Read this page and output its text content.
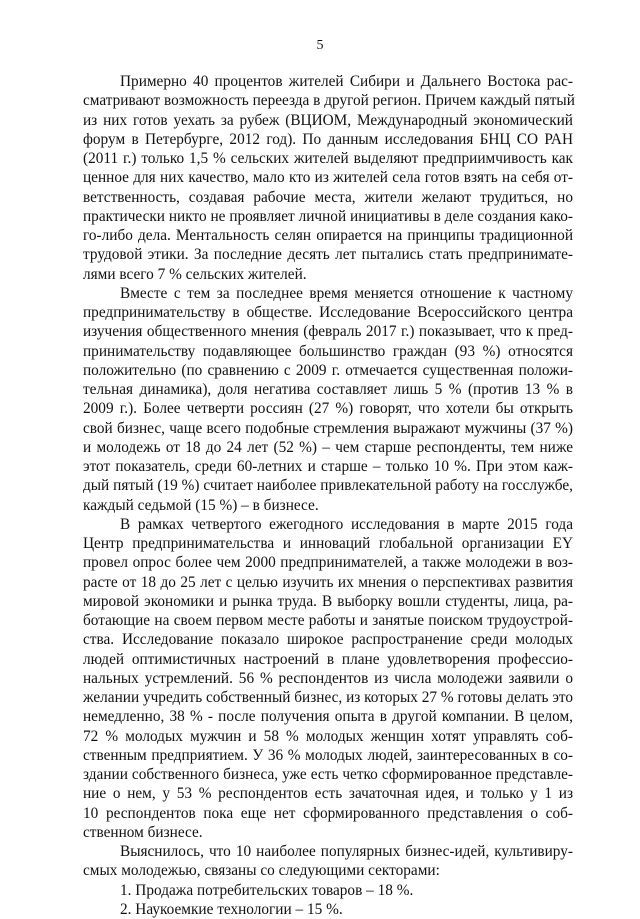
5
Примерно 40 процентов жителей Сибири и Дальнего Востока рас-
сматривают возможность переезда в другой регион. Причем каждый пятый
из них готов уехать за рубеж (ВЦИОМ, Международный экономический
форум в Петербурге, 2012 год). По данным исследования БНЦ СО РАН
(2011 г.) только 1,5 % сельских жителей выделяют предприимчивость как
ценное для них качество, мало кто из жителей села готов взять на себя от-
ветственность, создавая рабочие места, жители желают трудиться, но
практически никто не проявляет личной инициативы в деле создания како-
го-либо дела. Ментальность селян опирается на принципы традиционной
трудовой этики. За последние десять лет пытались стать предпринимате-
лями всего 7 % сельских жителей.
Вместе с тем за последнее время меняется отношение к частному
предпринимательству в обществе. Исследование Всероссийского центра
изучения общественного мнения (февраль 2017 г.) показывает, что к пред-
принимательству подавляющее большинство граждан (93 %) относятся
положительно (по сравнению с 2009 г. отмечается существенная положи-
тельная динамика), доля негатива составляет лишь 5 % (против 13 % в
2009 г.). Более четверти россиян (27 %) говорят, что хотели бы открыть
свой бизнес, чаще всего подобные стремления выражают мужчины (37 %)
и молодежь от 18 до 24 лет (52 %) – чем старше респонденты, тем ниже
этот показатель, среди 60-летних и старше – только 10 %. При этом каж-
дый пятый (19 %) считает наиболее привлекательной работу на госслужбе,
каждый седьмой (15 %) – в бизнесе.
В рамках четвертого ежегодного исследования в марте 2015 года
Центр предпринимательства и инноваций глобальной организации EY
провел опрос более чем 2000 предпринимателей, а также молодежи в воз-
расте от 18 до 25 лет с целью изучить их мнения о перспективах развития
мировой экономики и рынка труда. В выборку вошли студенты, лица, ра-
ботающие на своем первом месте работы и занятые поиском трудоустрой-
ства. Исследование показало широкое распространение среди молодых
людей оптимистичных настроений в плане удовлетворения профессио-
нальных устремлений. 56 % респондентов из числа молодежи заявили о
желании учредить собственный бизнес, из которых 27 % готовы делать это
немедленно, 38 % - после получения опыта в другой компании. В целом,
72 % молодых мужчин и 58 % молодых женщин хотят управлять соб-
ственным предприятием. У 36 % молодых людей, заинтересованных в со-
здании собственного бизнеса, уже есть четко сформированное представле-
ние о нем, у 53 % респондентов есть зачаточная идея, и только у 1 из
10 респондентов пока еще нет сформированного представления о соб-
ственном бизнесе.
Выяснилось, что 10 наиболее популярных бизнес-идей, культивиру-
смых молодежью, связаны со следующими секторами:
1. Продажа потребительских товаров – 18 %.
2. Наукоемкие технологии – 15 %.
